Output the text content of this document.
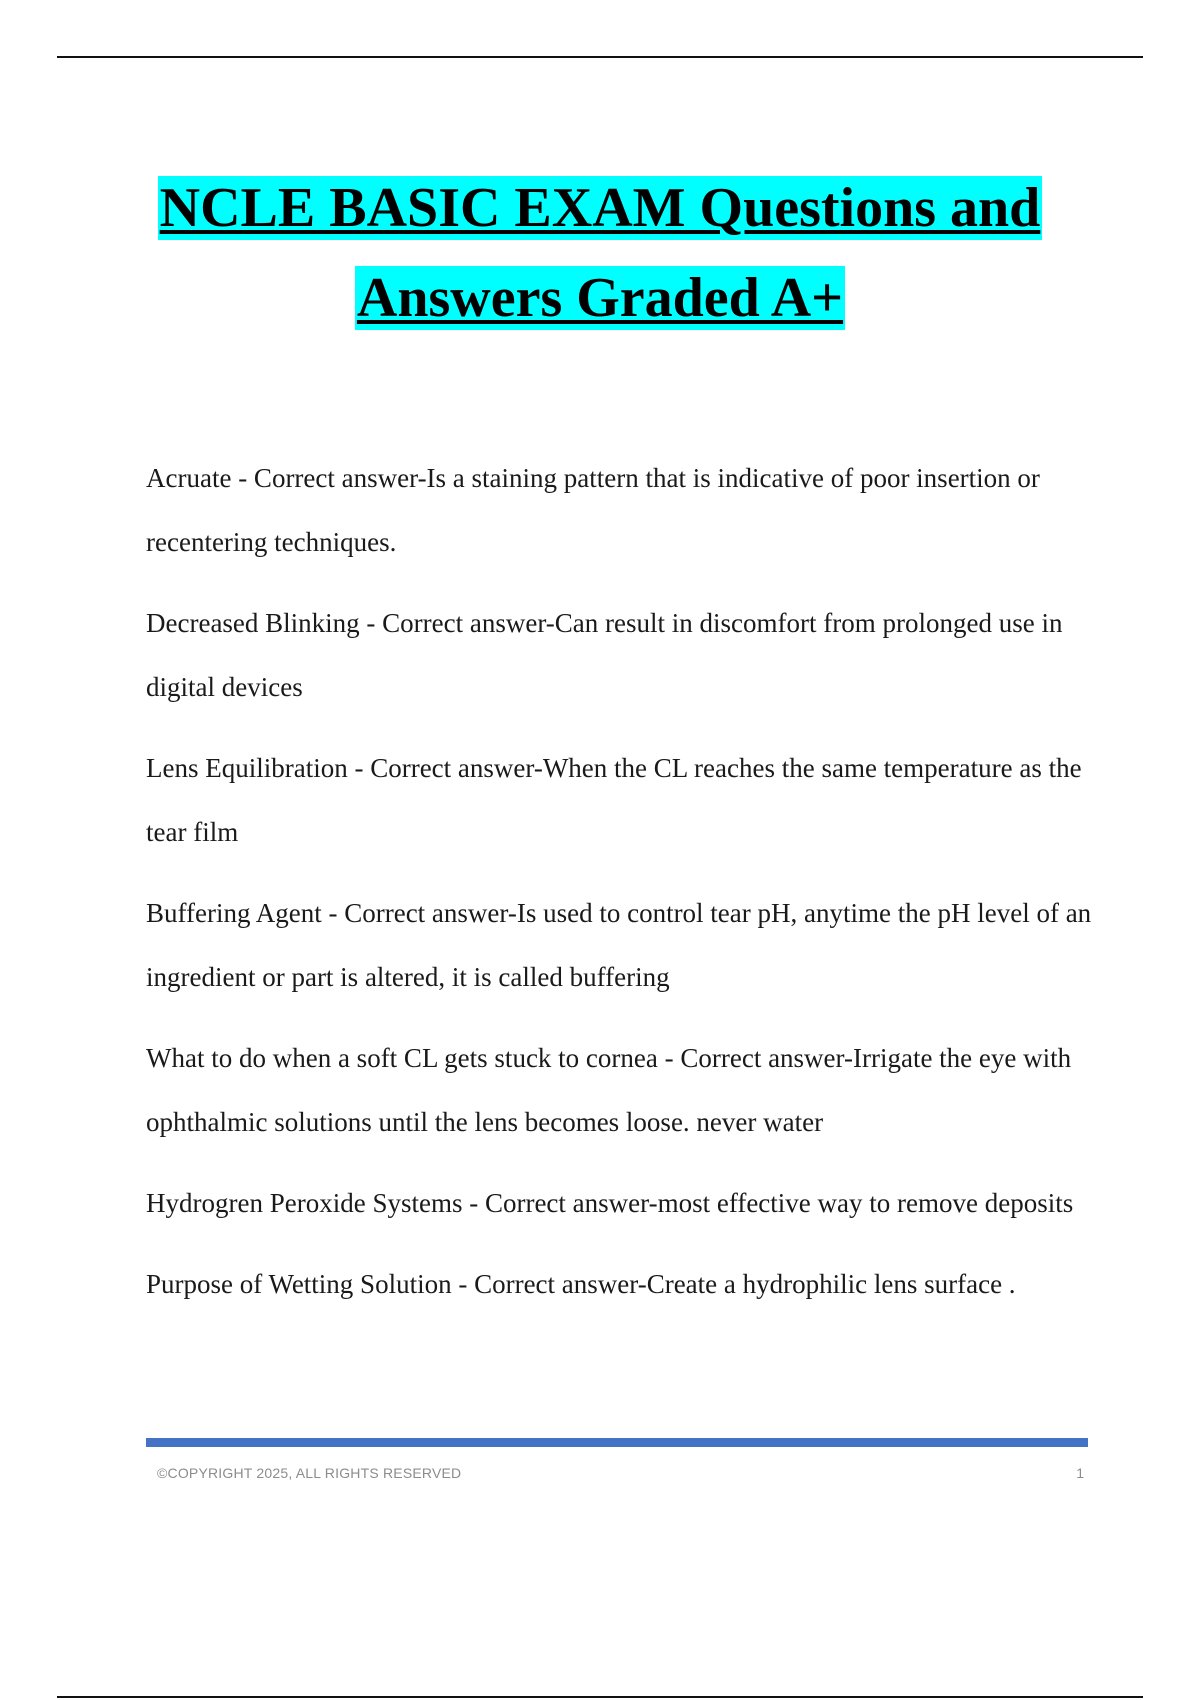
NCLE BASIC EXAM Questions and
Answers Graded A+

Acruate - Correct answer-Is a staining pattern that is indicative of poor insertion or recentering techniques.

Decreased Blinking - Correct answer-Can result in discomfort from prolonged use in digital devices

Lens Equilibration - Correct answer-When the CL reaches the same temperature as the tear film

Buffering Agent - Correct answer-Is used to control tear pH, anytime the pH level of an ingredient or part is altered, it is called buffering

What to do when a soft CL gets stuck to cornea - Correct answer-Irrigate the eye with ophthalmic solutions until the lens becomes loose. never water

Hydrogren Peroxide Systems - Correct answer-most effective way to remove deposits

Purpose of Wetting Solution - Correct answer-Create a hydrophilic lens surface .

©COPYRIGHT 2025, ALL RIGHTS RESERVED	1
